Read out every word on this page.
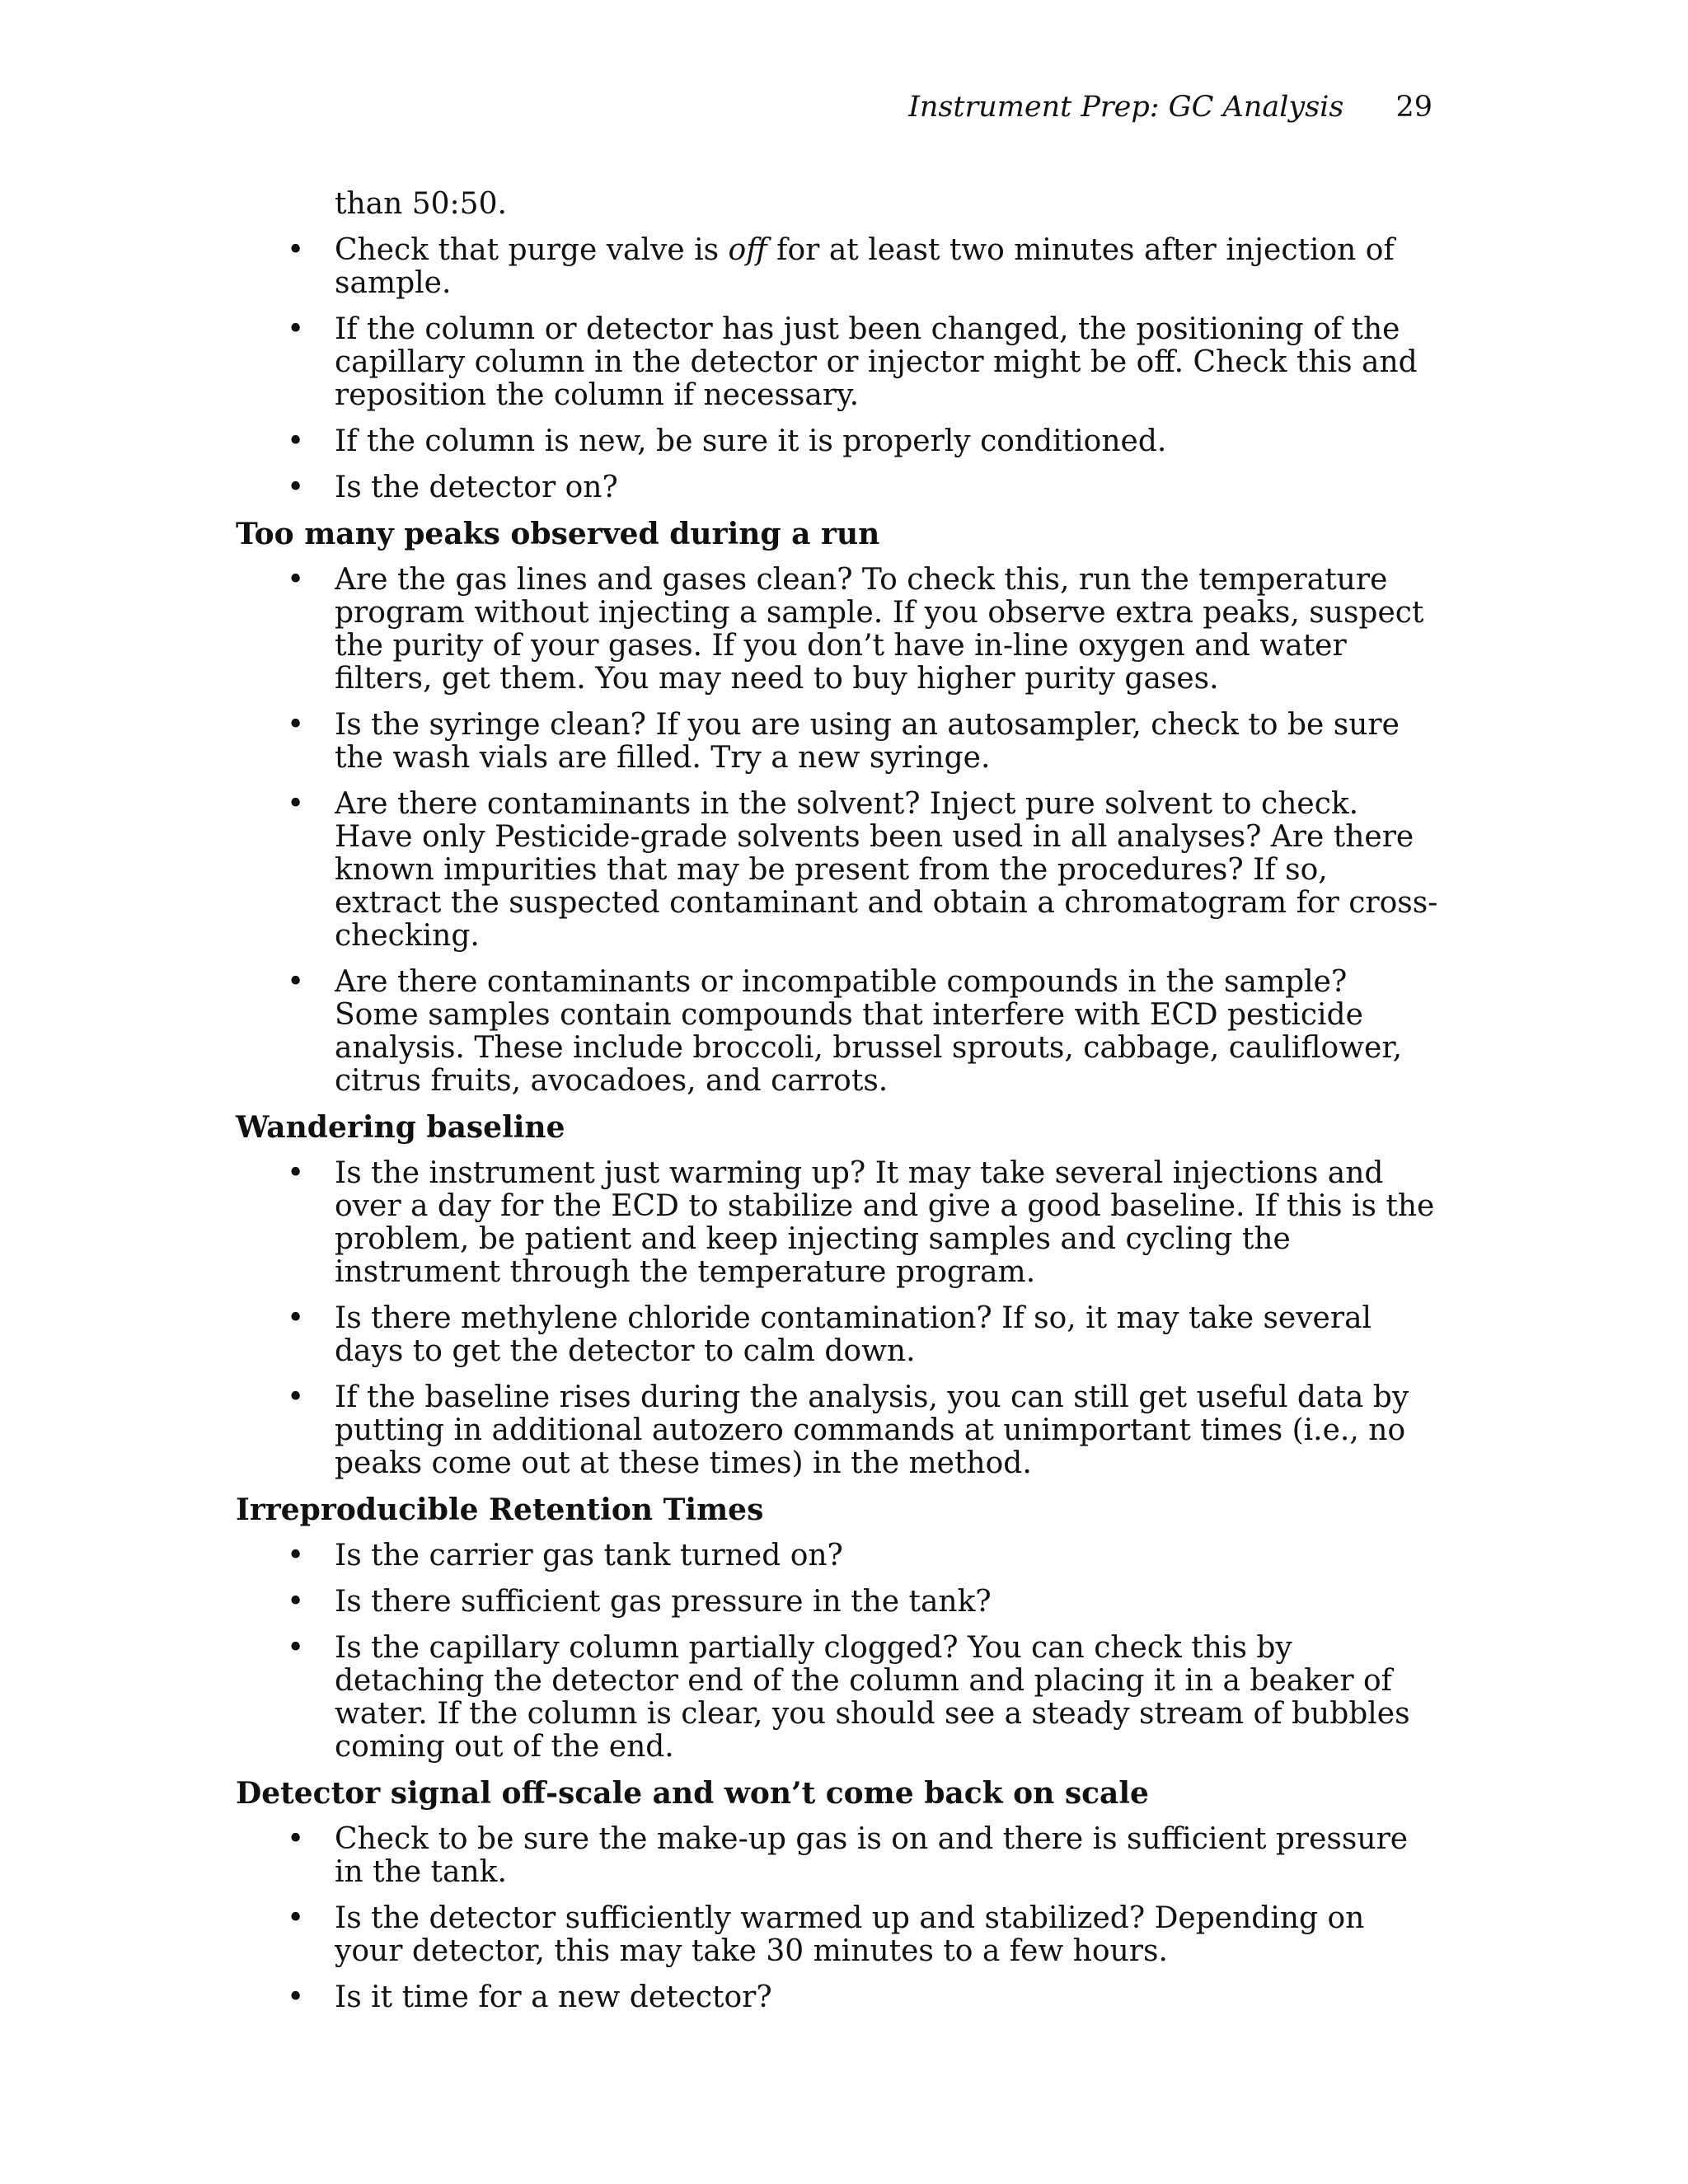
Instrument Prep: GC Analysis 29

than 50:50.

• Check that purge valve is off for at least two minutes after injection of sample.
• If the column or detector has just been changed, the positioning of the capillary column in the detector or injector might be off. Check this and reposition the column if necessary.
• If the column is new, be sure it is properly conditioned.
• Is the detector on?

Too many peaks observed during a run

• Are the gas lines and gases clean? To check this, run the temperature program without injecting a sample. If you observe extra peaks, suspect the purity of your gases. If you don’t have in-line oxygen and water filters, get them. You may need to buy higher purity gases.
• Is the syringe clean? If you are using an autosampler, check to be sure the wash vials are filled. Try a new syringe.
• Are there contaminants in the solvent? Inject pure solvent to check. Have only Pesticide-grade solvents been used in all analyses? Are there known impurities that may be present from the procedures? If so, extract the suspected contaminant and obtain a chromatogram for cross-checking.
• Are there contaminants or incompatible compounds in the sample? Some samples contain compounds that interfere with ECD pesticide analysis. These include broccoli, brussel sprouts, cabbage, cauliflower, citrus fruits, avocadoes, and carrots.

Wandering baseline

• Is the instrument just warming up? It may take several injections and over a day for the ECD to stabilize and give a good baseline. If this is the problem, be patient and keep injecting samples and cycling the instrument through the temperature program.
• Is there methylene chloride contamination? If so, it may take several days to get the detector to calm down.
• If the baseline rises during the analysis, you can still get useful data by putting in additional autozero commands at unimportant times (i.e., no peaks come out at these times) in the method.

Irreproducible Retention Times

• Is the carrier gas tank turned on?
• Is there sufficient gas pressure in the tank?
• Is the capillary column partially clogged? You can check this by detaching the detector end of the column and placing it in a beaker of water. If the column is clear, you should see a steady stream of bubbles coming out of the end.

Detector signal off-scale and won’t come back on scale

• Check to be sure the make-up gas is on and there is sufficient pressure in the tank.
• Is the detector sufficiently warmed up and stabilized? Depending on your detector, this may take 30 minutes to a few hours.
• Is it time for a new detector?
